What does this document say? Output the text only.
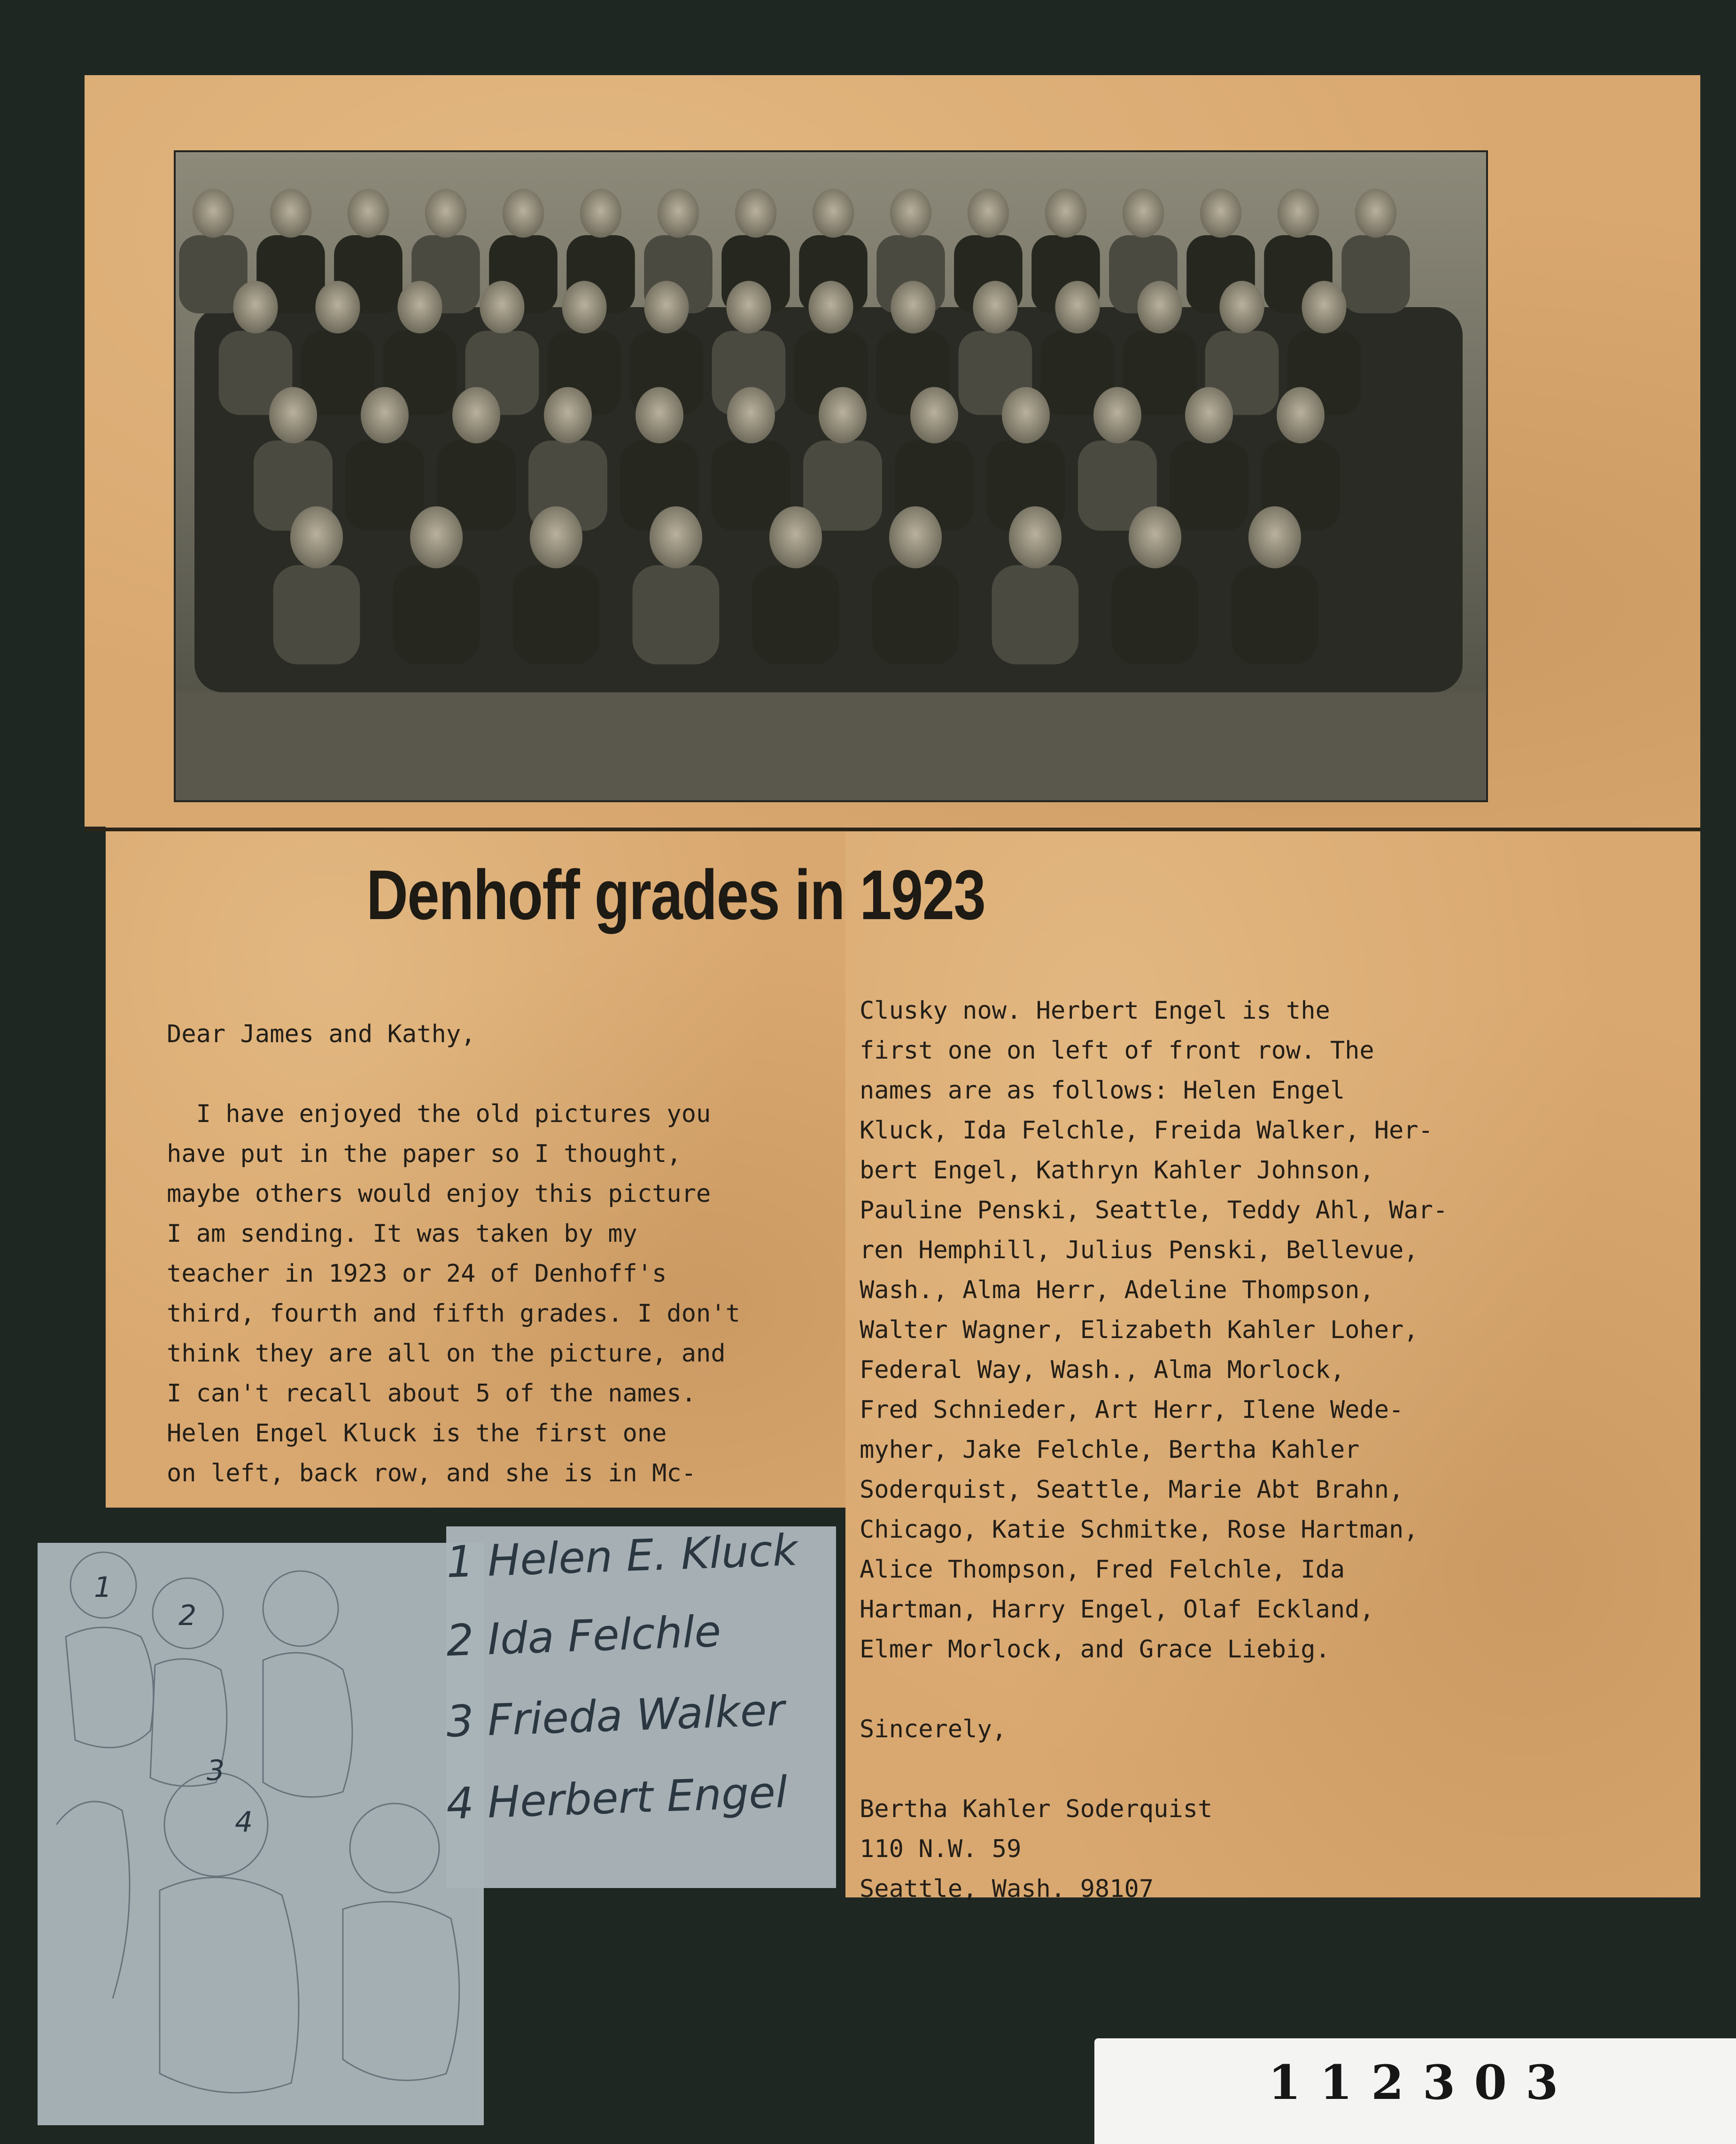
Denhoff grades in 1923

Dear James and Kathy,

I have enjoyed the old pictures you

have put in the paper so I thought,

maybe others would enjoy this picture

I am sending. It was taken by my

teacher in 1923 or 24 of Denhoff's

third, fourth and fifth grades. I don't

think they are all on the picture, and

I can't recall about 5 of the names.

Helen Engel Kluck is the first one

on left, back row, and she is in Mc-

Clusky now. Herbert Engel is the

first one on left of front row. The

names are as follows: Helen Engel

Kluck, Ida Felchle, Freida Walker, Her-

bert Engel, Kathryn Kahler Johnson,

Pauline Penski, Seattle, Teddy Ahl, War-

ren Hemphill, Julius Penski, Bellevue,

Wash., Alma Herr, Adeline Thompson,

Walter Wagner, Elizabeth Kahler Loher,

Federal Way, Wash., Alma Morlock,

Fred Schnieder, Art Herr, Ilene Wede-

myher, Jake Felchle, Bertha Kahler

Soderquist, Seattle, Marie Abt Brahn,

Chicago, Katie Schmitke, Rose Hartman,

Alice Thompson, Fred Felchle, Ida

Hartman, Harry Engel, Olaf Eckland,

Elmer Morlock, and Grace Liebig.

Sincerely,

Bertha Kahler Soderquist

110 N.W. 59

Seattle, Wash. 98107

1
2
3
4
1 Helen E. Kluck
2 Ida Felchle
3 Frieda Walker
4 Herbert Engel
112303
